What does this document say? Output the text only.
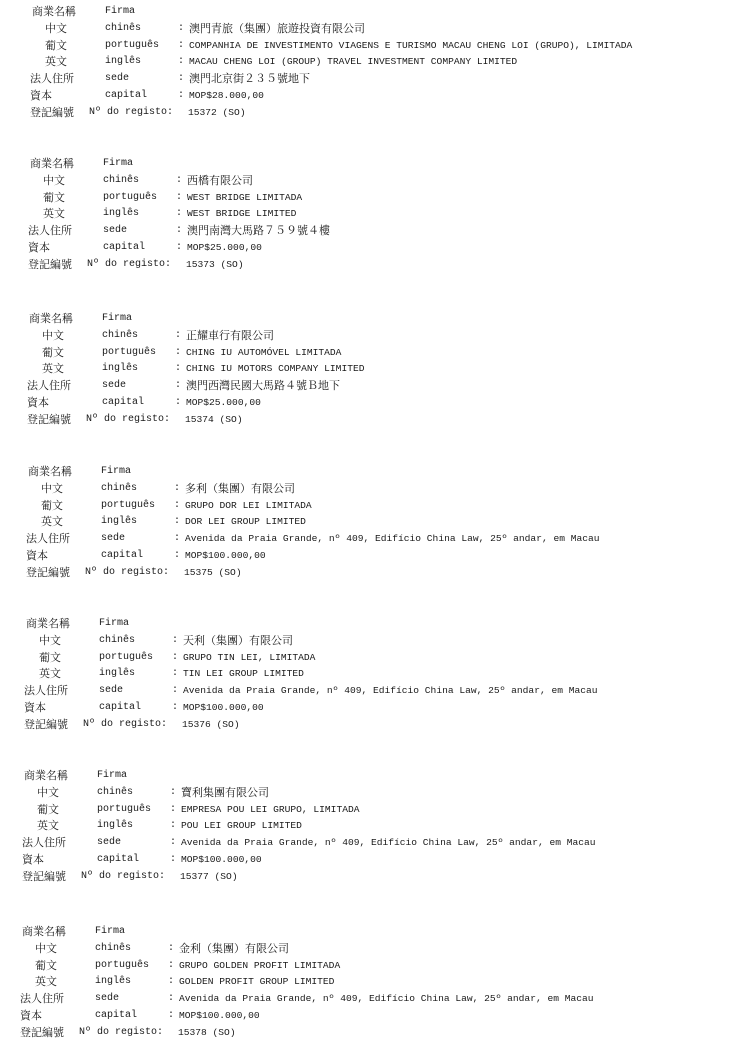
商業名稱	Firma
中文	chinês	: 澳門青旅（集團）旅遊投資有限公司
葡文	português : COMPANHIA DE INVESTIMENTO VIAGENS E TURISMO MACAU CHENG LOI (GRUPO), LIMITADA
英文	inglês	: MACAU CHENG LOI (GROUP) TRAVEL INVESTMENT COMPANY LIMITED
法人住所	sede	: 澳門北京街２３５號地下
資本	capital	: MOP$28.000,00
登記編號 Nº do registo: 15372 (SO)
商業名稱	Firma
中文	chinês	: 西橋有限公司
葡文	português : WEST BRIDGE LIMITADA
英文	inglês	: WEST BRIDGE LIMITED
法人住所	sede	: 澳門南灣大馬路７５９號４樓
資本	capital	: MOP$25.000,00
登記編號 Nº do registo: 15373 (SO)
商業名稱	Firma
中文	chinês	: 正耀車行有限公司
葡文	português : CHING IU AUTOMÓVEL LIMITADA
英文	inglês	: CHING IU MOTORS COMPANY LIMITED
法人住所	sede	: 澳門西灣民國大馬路４號Ｂ地下
資本	capital	: MOP$25.000,00
登記編號 Nº do registo: 15374 (SO)
商業名稱	Firma
中文	chinês	: 多利（集團）有限公司
葡文	português : GRUPO DOR LEI LIMITADA
英文	inglês	: DOR LEI GROUP LIMITED
法人住所	sede	: Avenida da Praia Grande, nº 409, Edifício China Law, 25º andar, em Macau
資本	capital	: MOP$100.000,00
登記編號 Nº do registo: 15375 (SO)
商業名稱	Firma
中文	chinês	: 天利（集團）有限公司
葡文	português : GRUPO TIN LEI, LIMITADA
英文	inglês	: TIN LEI GROUP LIMITED
法人住所	sede	: Avenida da Praia Grande, nº 409, Edifício China Law, 25º andar, em Macau
資本	capital	: MOP$100.000,00
登記編號 Nº do registo: 15376 (SO)
商業名稱	Firma
中文	chinês	: 寶利集團有限公司
葡文	português : EMPRESA POU LEI GRUPO, LIMITADA
英文	inglês	: POU LEI GROUP LIMITED
法人住所	sede	: Avenida da Praia Grande, nº 409, Edifício China Law, 25º andar, em Macau
資本	capital	: MOP$100.000,00
登記編號 Nº do registo: 15377 (SO)
商業名稱	Firma
中文	chinês	: 金利（集團）有限公司
葡文	português : GRUPO GOLDEN PROFIT LIMITADA
英文	inglês	: GOLDEN PROFIT GROUP LIMITED
法人住所	sede	: Avenida da Praia Grande, nº 409, Edifício China Law, 25º andar, em Macau
資本	capital	: MOP$100.000,00
登記編號 Nº do registo: 15378 (SO)
